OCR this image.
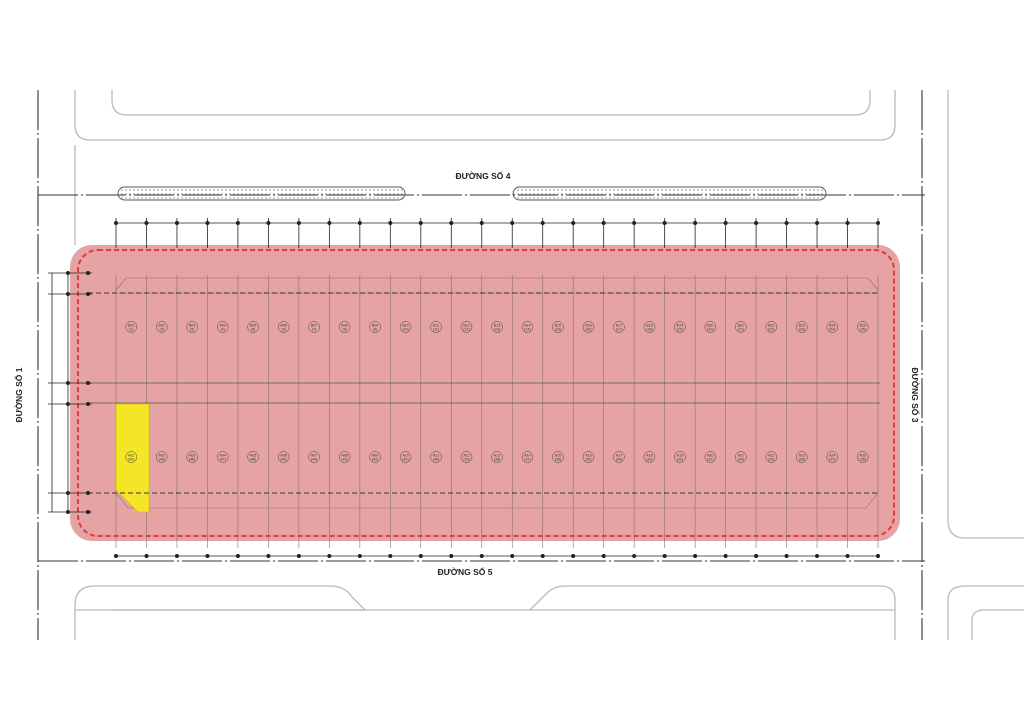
B01
(1)
B02
(2)
B03
(3)
B04
(4)
B05
(5)
B06
(6)
B07
(7)
B08
(8)
B09
(9)
B10
(10)
B11
(11)
B12
(12)
B13
(13)
B14
(14)
B15
(15)
B16
(16)
B17
(17)
B18
(18)
B19
(19)
B20
(20)
B21
(21)
B22
(22)
B23
(23)
B24
(24)
B25
(25)
A01
(50)
A02
(49)
A03
(48)
A04
(47)
A05
(46)
A06
(45)
A07
(44)
A08
(43)
A09
(42)
A10
(41)
A11
(40)
A12
(39)
A13
(38)
A14
(37)
A15
(36)
A16
(35)
A17
(34)
A18
(33)
A19
(32)
A20
(31)
A21
(30)
A22
(29)
A23
(28)
A24
(27)
A25
(26)
ĐƯỜNG SỐ 4
ĐƯỜNG SỐ 5
ĐƯỜNG SỐ 1	ĐƯỜNG SỐ 3
